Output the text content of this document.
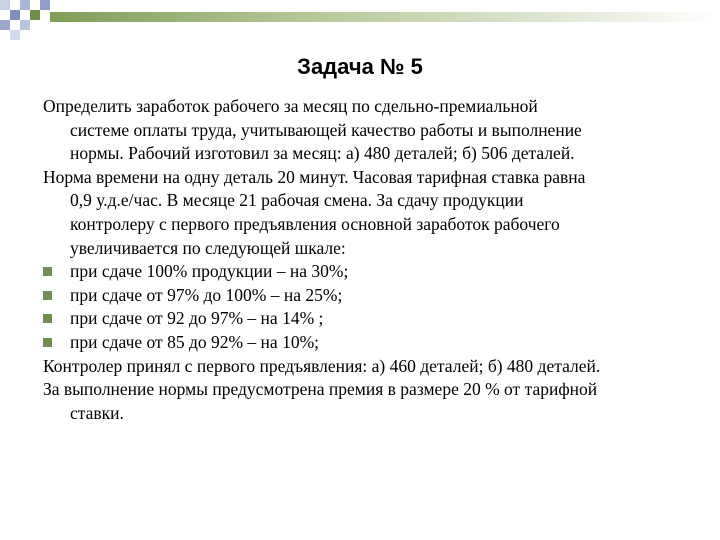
Задача № 5
Определить заработок рабочего за месяц по сдельно-премиальной
системе оплаты труда, учитывающей качество работы и выполнение
нормы. Рабочий изготовил за месяц: а) 480 деталей; б) 506 деталей.
Норма времени на одну деталь 20 минут. Часовая тарифная ставка равна
0,9 у.д.е/час. В месяце 21 рабочая смена. За сдачу продукции
контролеру с первого предъявления основной заработок рабочего
увеличивается по следующей шкале:
при сдаче 100% продукции – на 30%;
при сдаче от 97% до 100% – на 25%;
при сдаче от 92 до 97% – на 14% ;
при сдаче от 85 до 92% – на 10%;
Контролер принял с первого предъявления: а) 460 деталей; б) 480 деталей.
За выполнение нормы предусмотрена премия в размере 20 % от тарифной
ставки.
